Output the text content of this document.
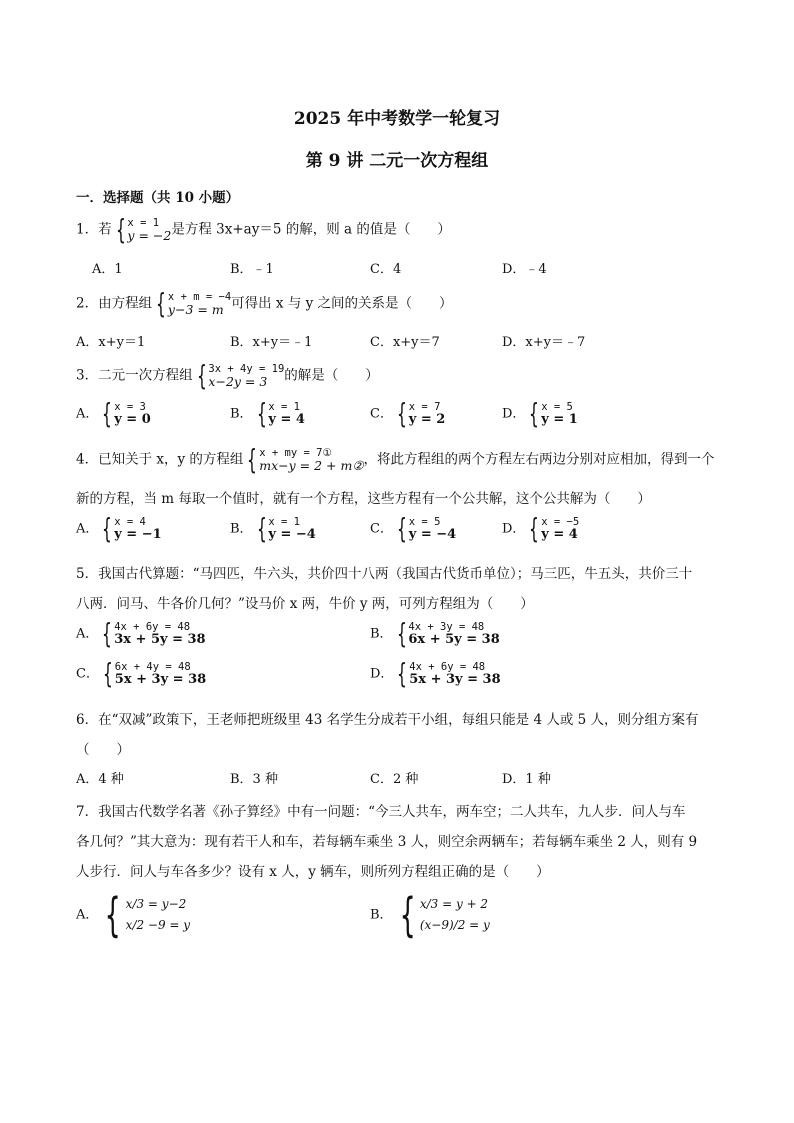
2025 年中考数学一轮复习
第 9 讲 二元一次方程组
一．选择题（共 10 小题）
1．若 { x = 1
y = −2 是方程 3x+ay＝5 的解，则 a 的值是（　　）
A．1	B．﹣1	C．4	D．﹣4
2．由方程组 { x + m = −4
y−3 = m 可得出 x 与 y 之间的关系是（　　）
A．x+y＝1	B．x+y＝﹣1	C．x+y＝7	D．x+y＝﹣7
3．二元一次方程组 { 3x + 4y = 19
x−2y = 3	的解是（　　）
A． { x = 3
y = 0	B． { x = 1
y = 4	C． { x = 7
y = 2	D． { x = 5
y = 1
4．已知关于 x，y 的方程组 { x + my = 7①
mx−y = 2 + m② ，将此方程组的两个方程左右两边分别对应相加，得到一个
新的方程，当 m 每取一个值时，就有一个方程，这些方程有一个公共解，这个公共解为（　　）
A． { x = 4
y = −1	B． { x = 1
y = −4	C． { x = 5
y = −4	D． { x = −5
y = 4
5．我国古代算题：“马四匹，牛六头，共价四十八两（我国古代货币单位）；马三匹，牛五头，共价三十
八两．问马、牛各价几何？”设马价 x 两，牛价 y 两，可列方程组为（　　）
A． { 4x + 6y = 48
3x + 5y = 38	B． { 4x + 3y = 48
6x + 5y = 38
C． { 6x + 4y = 48
5x + 3y = 38	D． { 4x + 6y = 48
5x + 3y = 38
6．在“双减”政策下，王老师把班级里 43 名学生分成若干小组，每组只能是 4 人或 5 人，则分组方案有
（　　）
A．4 种	B．3 种	C．2 种	D．1 种
7．我国古代数学名著《孙子算经》中有一问题：“今三人共车，两车空；二人共车，九人步．问人与车
各几何？”其大意为：现有若干人和车，若每辆车乘坐 3 人，则空余两辆车；若每辆车乘坐 2 人，则有 9
人步行．问人与车各多少？设有 x 人，y 辆车，则所列方程组正确的是（　　）
A． { x/3 = y−2
x/2 −9 = y
B． { x/3 = y + 2
(x−9)/2 = y
